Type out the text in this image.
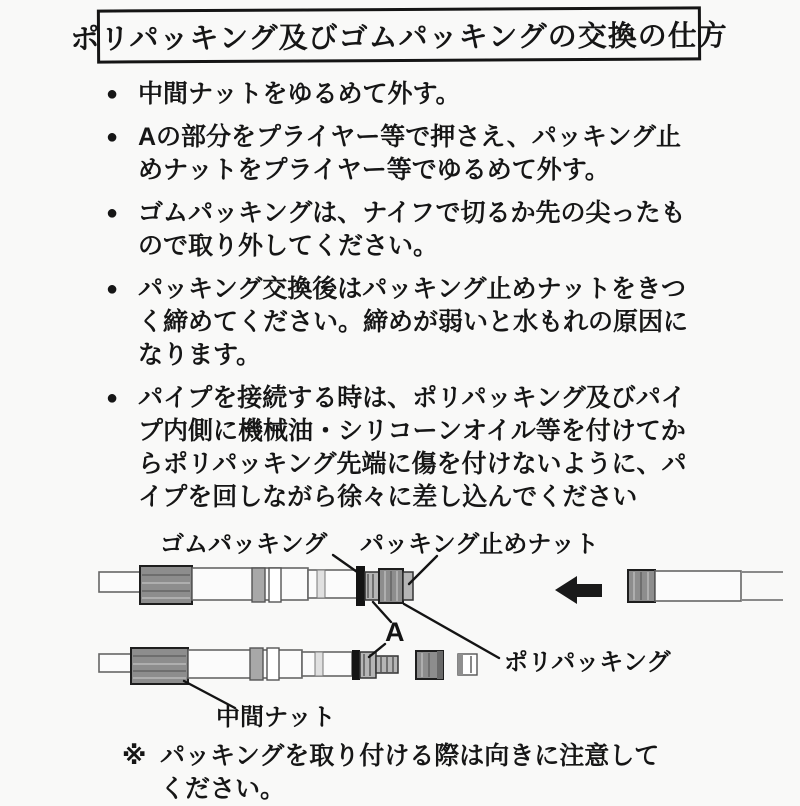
ポリパッキング及びゴムパッキングの交換の仕方
● 中間ナットをゆるめて外す。
● Aの部分をプライヤー等で押さえ、パッキング止めナットをプライヤー等でゆるめて外す。
● ゴムパッキングは、ナイフで切るか先の尖ったもので取り外してください。
● パッキング交換後はパッキング止めナットをきつく締めてください。締めが弱いと水もれの原因になります。
● パイプを接続する時は、ポリパッキング及びパイプ内側に機械油・シリコーンオイル等を付けてからポリパッキング先端に傷を付けないように、パイプを回しながら徐々に差し込んでください
ゴムパッキング パッキング止めナット
A
ポリパッキング
中間ナット
※ パッキングを取り付ける際は向きに注意してください。
